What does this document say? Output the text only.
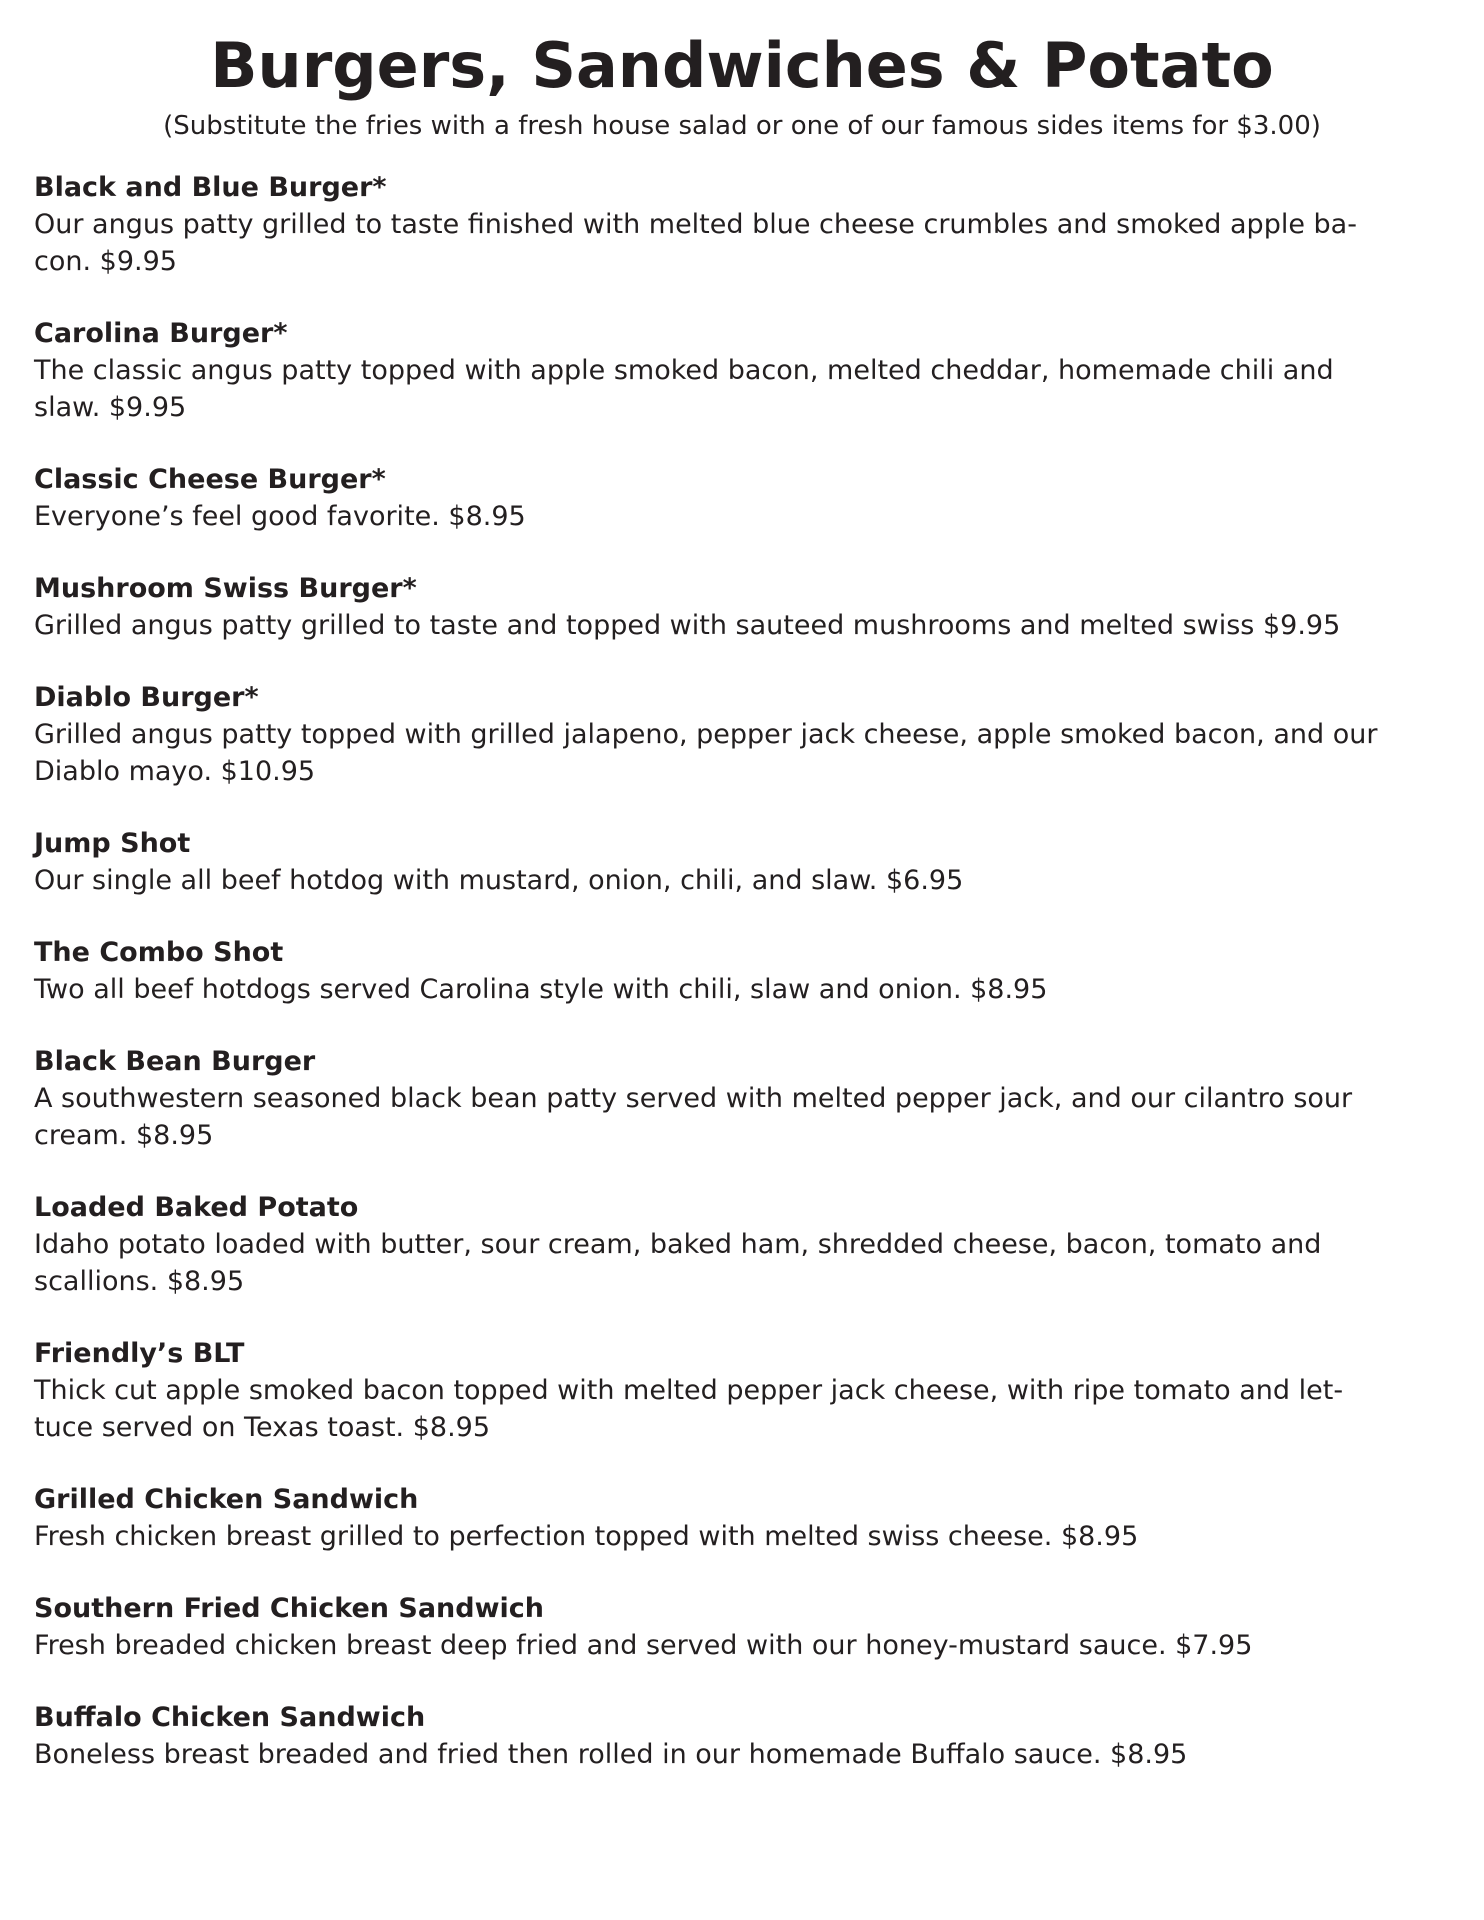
Burgers, Sandwiches & Potato
(Substitute the fries with a fresh house salad or one of our famous sides items for $3.00)
Black and Blue Burger*
Our angus patty grilled to taste finished with melted blue cheese crumbles and smoked apple ba-
con. $9.95
Carolina Burger*
The classic angus patty topped with apple smoked bacon, melted cheddar, homemade chili and
slaw. $9.95
Classic Cheese Burger*
Everyone’s feel good favorite. $8.95
Mushroom Swiss Burger*
Grilled angus patty grilled to taste and topped with sauteed mushrooms and melted swiss $9.95
Diablo Burger*
Grilled angus patty topped with grilled jalapeno, pepper jack cheese, apple smoked bacon, and our
Diablo mayo. $10.95
Jump Shot
Our single all beef hotdog with mustard, onion, chili, and slaw. $6.95
The Combo Shot
Two all beef hotdogs served Carolina style with chili, slaw and onion. $8.95
Black Bean Burger
A southwestern seasoned black bean patty served with melted pepper jack, and our cilantro sour
cream. $8.95
Loaded Baked Potato
Idaho potato loaded with butter, sour cream, baked ham, shredded cheese, bacon, tomato and
scallions. $8.95
Friendly’s BLT
Thick cut apple smoked bacon topped with melted pepper jack cheese, with ripe tomato and let-
tuce served on Texas toast. $8.95
Grilled Chicken Sandwich
Fresh chicken breast grilled to perfection topped with melted swiss cheese. $8.95
Southern Fried Chicken Sandwich
Fresh breaded chicken breast deep fried and served with our honey-mustard sauce. $7.95
Buffalo Chicken Sandwich
Boneless breast breaded and fried then rolled in our homemade Buffalo sauce. $8.95
